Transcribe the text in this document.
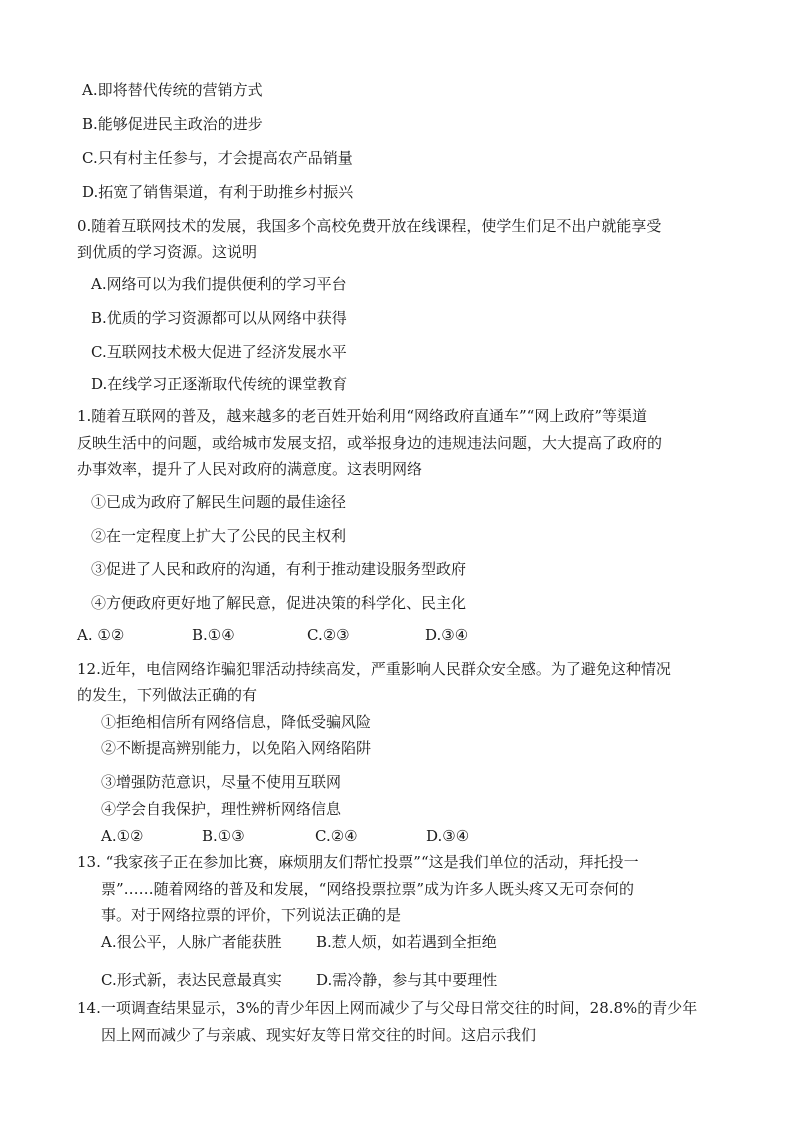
A.即将替代传统的营销方式
B.能够促进民主政治的进步
C.只有村主任参与，才会提高农产品销量
D.拓宽了销售渠道，有利于助推乡村振兴
0.随着互联网技术的发展，我国多个高校免费开放在线课程，使学生们足不出户就能享受
到优质的学习资源。这说明
A.网络可以为我们提供便利的学习平台
B.优质的学习资源都可以从网络中获得
C.互联网技术极大促进了经济发展水平
D.在线学习正逐渐取代传统的课堂教育
1.随着互联网的普及，越来越多的老百姓开始利用“网络政府直通车”“网上政府”等渠道
反映生活中的问题，或给城市发展支招，或举报身边的违规违法问题，大大提高了政府的
办事效率，提升了人民对政府的满意度。这表明网络
①已成为政府了解民生问题的最佳途径
②在一定程度上扩大了公民的民主权利
③促进了人民和政府的沟通，有利于推动建设服务型政府
④方便政府更好地了解民意，促进决策的科学化、民主化
A. ①②	B.①④	C.②③	D.③④
12.近年，电信网络诈骗犯罪活动持续高发，严重影响人民群众安全感。为了避免这种情况
的发生，下列做法正确的有
①拒绝相信所有网络信息，降低受骗风险
②不断提高辨别能力，以免陷入网络陷阱
③增强防范意识，尽量不使用互联网
④学会自我保护，理性辨析网络信息
A.①②	B.①③	C.②④	D.③④
13. “我家孩子正在参加比赛，麻烦朋友们帮忙投票”“这是我们单位的活动，拜托投一
票”……随着网络的普及和发展，“网络投票拉票”成为许多人既头疼又无可奈何的
事。对于网络拉票的评价，下列说法正确的是
A.很公平，人脉广者能获胜 B.惹人烦，如若遇到全拒绝
C.形式新，表达民意最真实 D.需冷静，参与其中要理性
14.一项调查结果显示，3%的青少年因上网而减少了与父母日常交往的时间，28.8%的青少年
因上网而减少了与亲戚、现实好友等日常交往的时间。这启示我们
